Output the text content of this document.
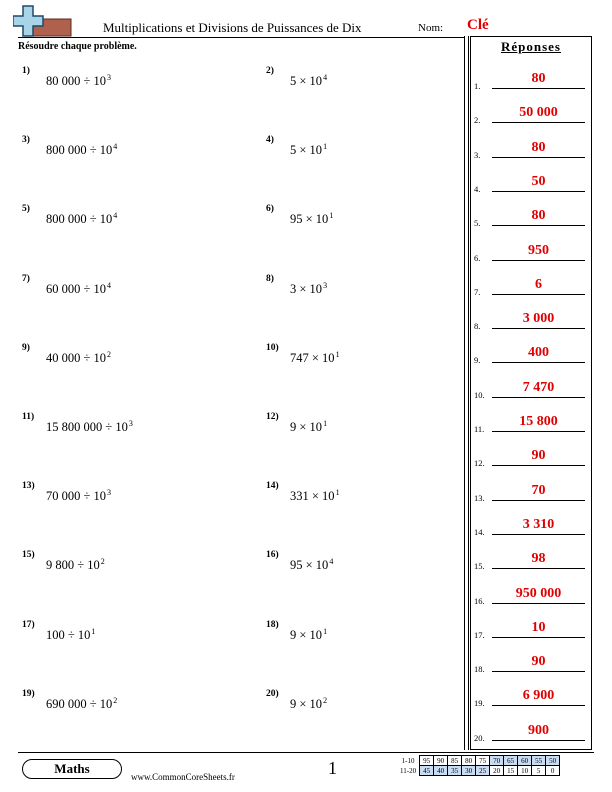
Multiplications et Divisions de Puissances de Dix	Nom: Clé
Résoudre chaque problème.
1)
80 $000 \div 10^3$
2)
$5 \times 10^4$
3)
800 $000 \div 10^4$
4)
$5 \times 10^1$
5)
800 $000 \div 10^4$
6)
$95 \times 10^1$
7)
60 $000 \div 10^4$
8)
$3 \times 10^3$
9)
40 $000 \div 10^2$
10)
$747 \times 10^1$
11)
15 800 $000 \div 10^3$
12)
$9 \times 10^1$
13)
70 $000 \div 10^3$
14)
$331 \times 10^1$
15)
9 $800 \div 10^2$
16)
$95 \times 10^4$
17)
$100 \div 10^1$
18)
$9 \times 10^1$
19)
690 $000 \div 10^2$
20)
$9 \times 10^2$
Réponses
1.	80
2.	50 000
3.	80
4.	50
5.	80
6.	950
7.	6
8.	3 000
9.	400
10.	7 470
11.	15 800
12.	90
13.	70
14.	3 310
15.	98
16.	950 000
17.	10
18.	90
19.	6 900
20.	900
Maths
www.CommonCoreSheets.fr	1	1-10	95	90	85	80	75	70	65	60	55	50
11-20	45	40	35	30	25	20	15	10	5	0
